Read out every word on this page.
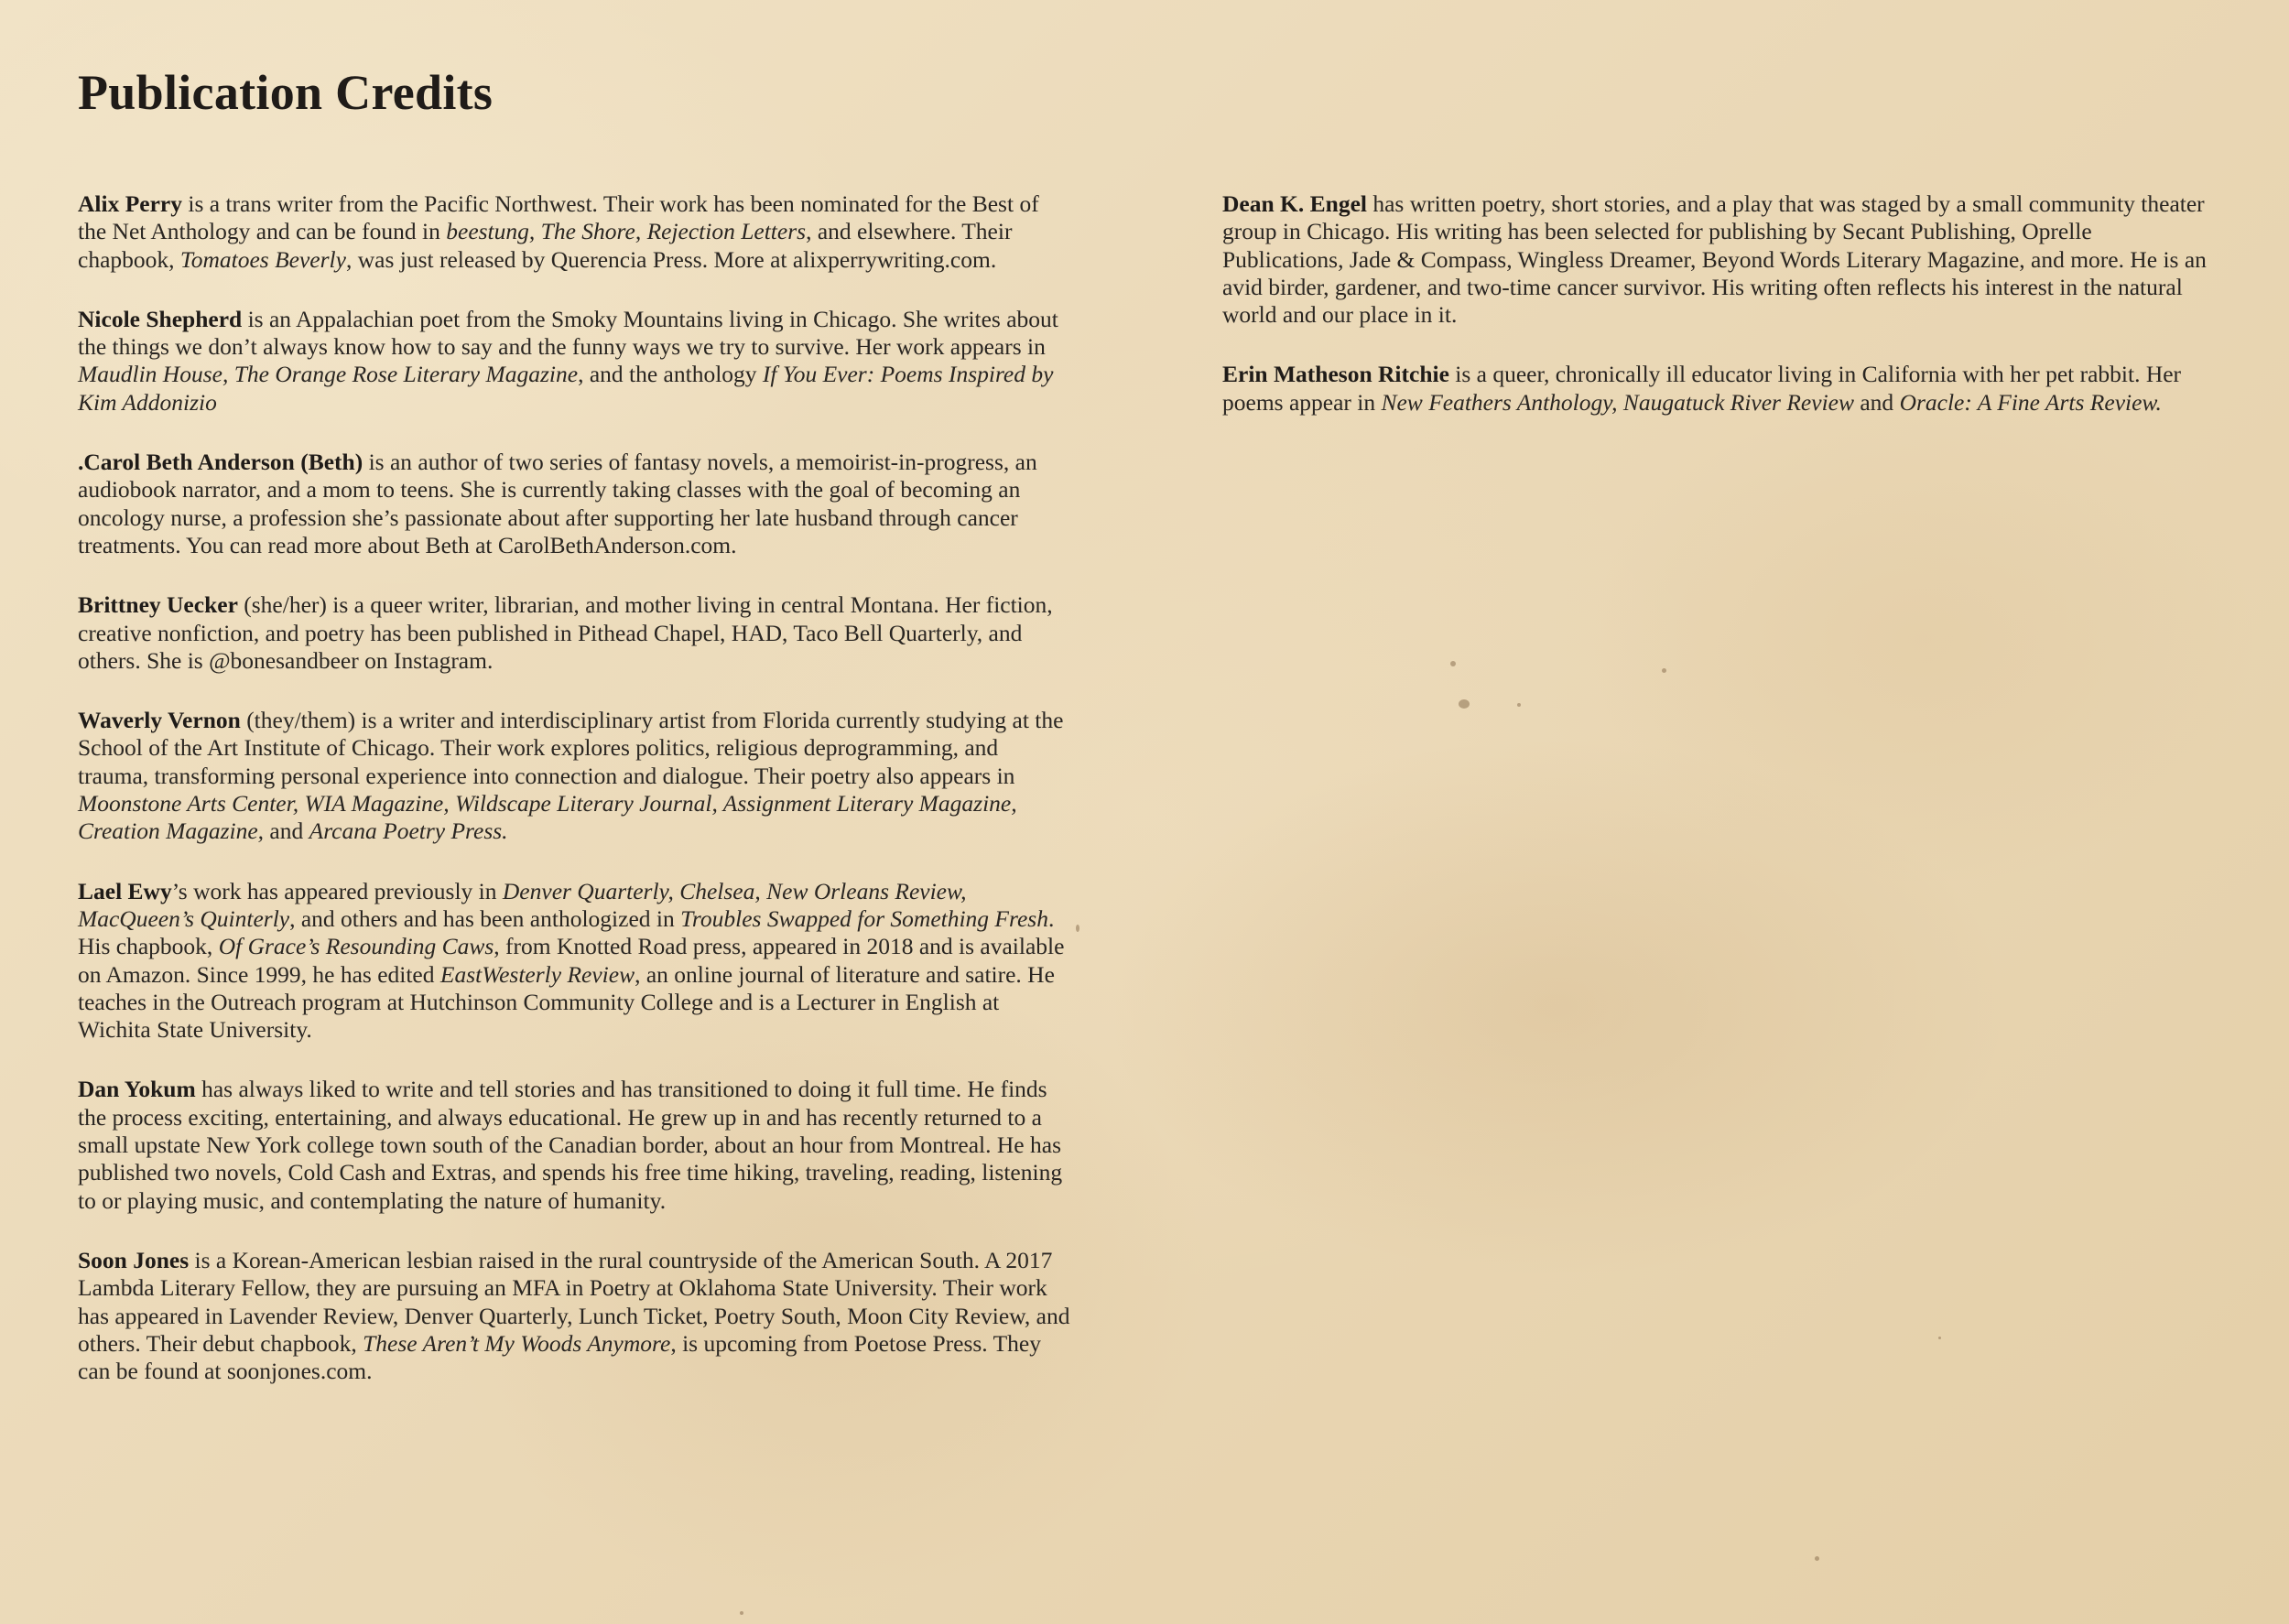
Publication Credits

Alix Perry is a trans writer from the Pacific Northwest. Their work has been nominated for the Best of the Net Anthology and can be found in beestung, The Shore, Rejection Letters, and elsewhere. Their chapbook, Tomatoes Beverly, was just released by Querencia Press. More at alixperrywriting.com.

Nicole Shepherd is an Appalachian poet from the Smoky Mountains living in Chicago. She writes about the things we don’t always know how to say and the funny ways we try to survive. Her work appears in Maudlin House, The Orange Rose Literary Magazine, and the anthology If You Ever: Poems Inspired by Kim Addonizio

.Carol Beth Anderson (Beth) is an author of two series of fantasy novels, a memoirist-in-progress, an audiobook narrator, and a mom to teens. She is currently taking classes with the goal of becoming an oncology nurse, a profession she’s passionate about after supporting her late husband through cancer treatments. You can read more about Beth at CarolBethAnderson.com.

Brittney Uecker (she/her) is a queer writer, librarian, and mother living in central Montana. Her fiction, creative nonfiction, and poetry has been published in Pithead Chapel, HAD, Taco Bell Quarterly, and others. She is @bonesandbeer on Instagram.

Waverly Vernon (they/them) is a writer and interdisciplinary artist from Florida currently studying at the School of the Art Institute of Chicago. Their work explores politics, religious deprogramming, and trauma, transforming personal experience into connection and dialogue. Their poetry also appears in Moonstone Arts Center, WIA Magazine, Wildscape Literary Journal, Assignment Literary Magazine, Creation Magazine, and Arcana Poetry Press.

Lael Ewy’s work has appeared previously in Denver Quarterly, Chelsea, New Orleans Review, MacQueen’s Quinterly, and others and has been anthologized in Troubles Swapped for Something Fresh. His chapbook, Of Grace’s Resounding Caws, from Knotted Road press, appeared in 2018 and is available on Amazon. Since 1999, he has edited EastWesterly Review, an online journal of literature and satire. He teaches in the Outreach program at Hutchinson Community College and is a Lecturer in English at Wichita State University.

Dan Yokum has always liked to write and tell stories and has transitioned to doing it full time. He finds the process exciting, entertaining, and always educational. He grew up in and has recently returned to a small upstate New York college town south of the Canadian border, about an hour from Montreal. He has published two novels, Cold Cash and Extras, and spends his free time hiking, traveling, reading, listening to or playing music, and contemplating the nature of humanity.

Soon Jones is a Korean-American lesbian raised in the rural countryside of the American South. A 2017 Lambda Literary Fellow, they are pursuing an MFA in Poetry at Oklahoma State University. Their work has appeared in Lavender Review, Denver Quarterly, Lunch Ticket, Poetry South, Moon City Review, and others. Their debut chapbook, These Aren’t My Woods Anymore, is upcoming from Poetose Press. They can be found at soonjones.com.

Dean K. Engel has written poetry, short stories, and a play that was staged by a small community theater group in Chicago. His writing has been selected for publishing by Secant Publishing, Oprelle Publications, Jade & Compass, Wingless Dreamer, Beyond Words Literary Magazine, and more. He is an avid birder, gardener, and two-time cancer survivor. His writing often reflects his interest in the natural world and our place in it.

Erin Matheson Ritchie is a queer, chronically ill educator living in California with her pet rabbit. Her poems appear in New Feathers Anthology, Naugatuck River Review and Oracle: A Fine Arts Review.
